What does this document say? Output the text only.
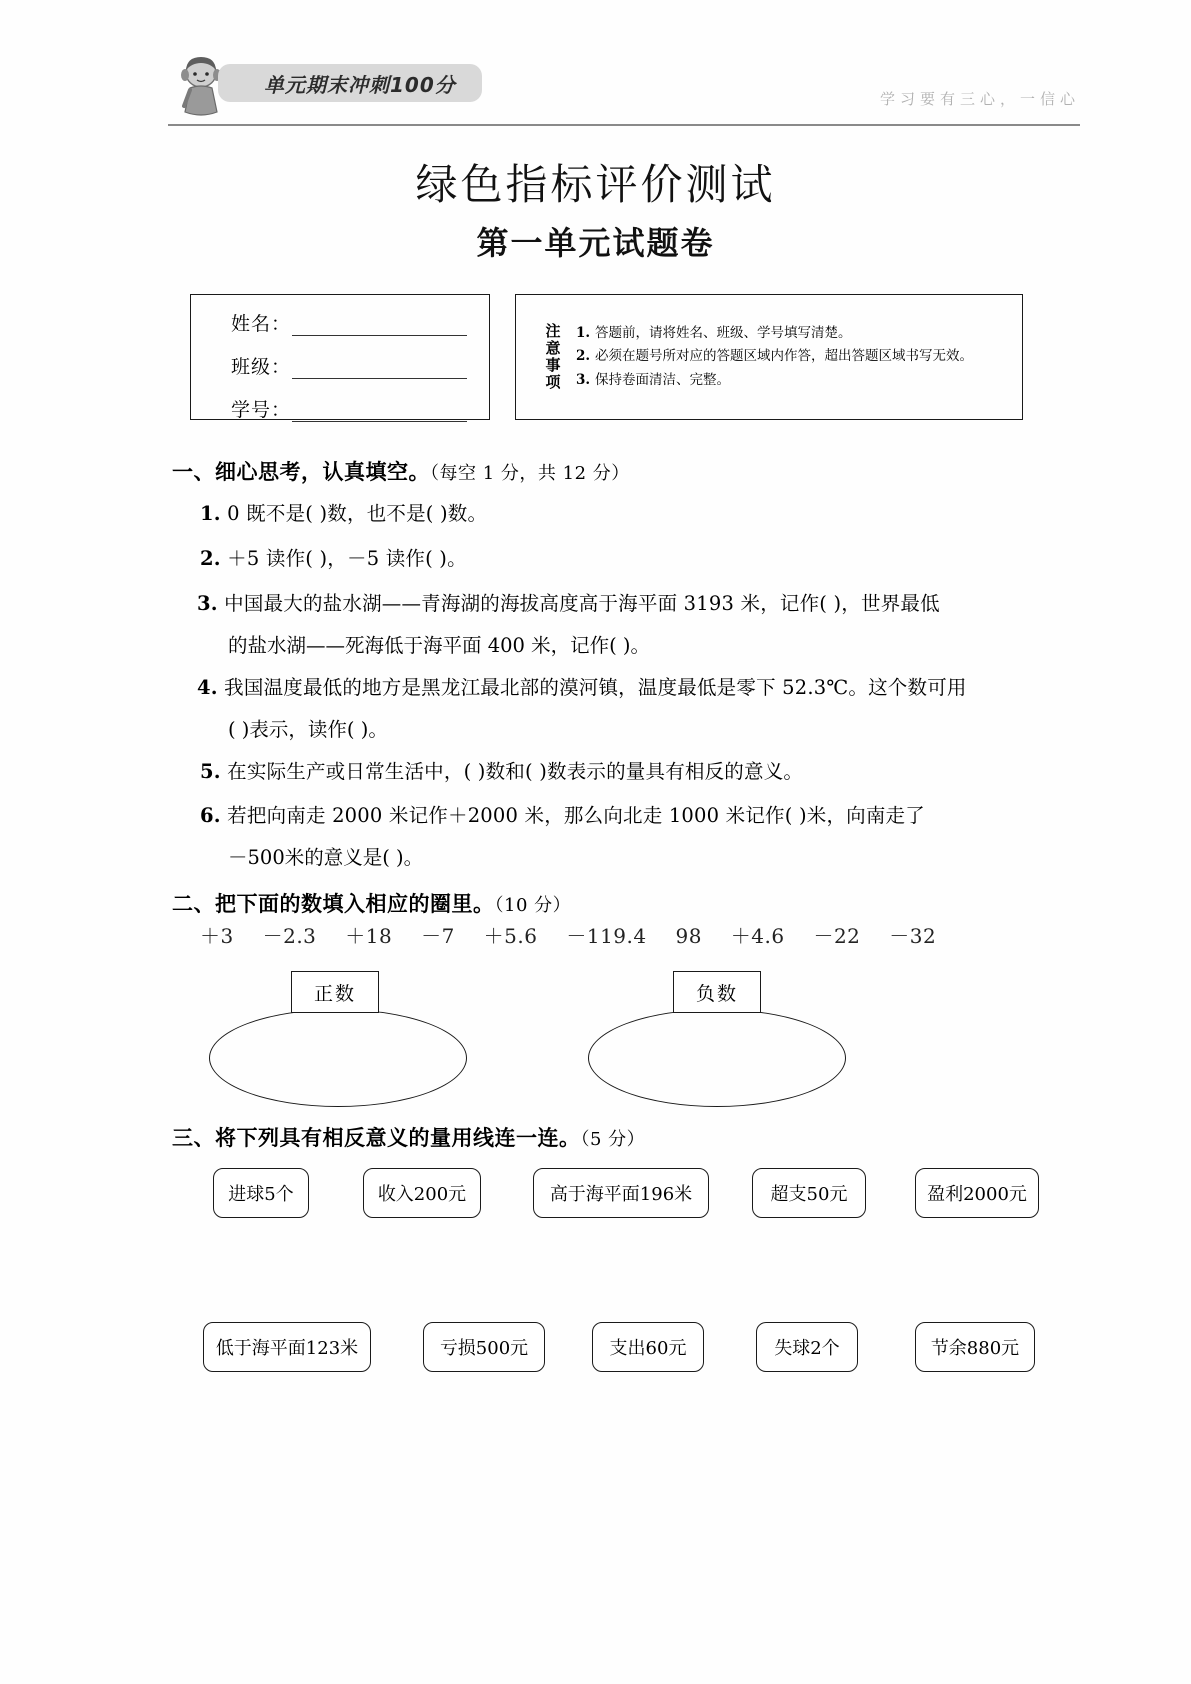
单元期末冲刺100分
学习要有三心，一信心
绿色指标评价测试
第一单元试题卷
姓名：
班级：
学号：
注
意
事
项
1. 答题前，请将姓名、班级、学号填写清楚。
2. 必须在题号所对应的答题区域内作答，超出答题区域书写无效。
3. 保持卷面清洁、完整。
一、细心思考，认真填空。（每空 1 分，共 12 分）
1. 0 既不是( )数，也不是( )数。
2. ＋5 读作( )，－5 读作( )。
3. 中国最大的盐水湖——青海湖的海拔高度高于海平面 3193 米，记作( )，世界最低
的盐水湖——死海低于海平面 400 米，记作( )。
4. 我国温度最低的地方是黑龙江最北部的漠河镇，温度最低是零下 52.3℃。这个数可用
( )表示，读作( )。
5. 在实际生产或日常生活中，( )数和( )数表示的量具有相反的意义。
6. 若把向南走 2000 米记作＋2000 米，那么向北走 1000 米记作( )米，向南走了
－500米的意义是( )。
二、把下面的数填入相应的圈里。（10 分）
＋3 －2.3 ＋18 －7 ＋5.6 －119.4 98 ＋4.6 －22 －32
正数	负数
三、将下列具有相反意义的量用线连一连。（5 分）
进球5个	收入200元	高于海平面196米	超支50元	盈利2000元
低于海平面123米	亏损500元	支出60元	失球2个	节余880元
